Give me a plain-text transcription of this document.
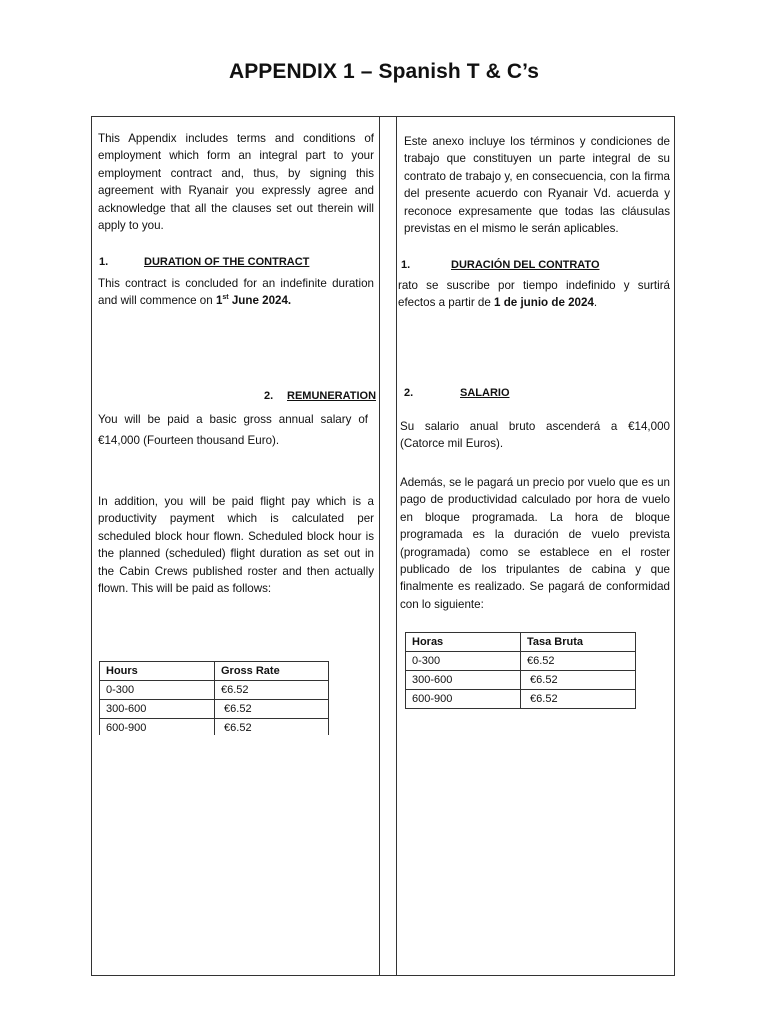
APPENDIX 1 – Spanish T & C’s
This Appendix includes terms and conditions of employment which form an integral part to your employment contract and, thus, by signing this agreement with Ryanair you expressly agree and acknowledge that all the clauses set out therein will apply to you.
1.	DURATION OF THE CONTRACT
This contract is concluded for an indefinite duration and will commence on 1st June 2024.
2. REMUNERATION
You will be paid a basic gross annual salary of €14,000 (Fourteen thousand Euro).
In addition, you will be paid flight pay which is a productivity payment which is calculated per scheduled block hour flown. Scheduled block hour is the planned (scheduled) flight duration as set out in the Cabin Crews published roster and then actually flown. This will be paid as follows:
Hours	Gross Rate
0-300	€6.52
300-600	€6.52
600-900	€6.52
Este anexo incluye los términos y condiciones de trabajo que constituyen un parte integral de su contrato de trabajo y, en consecuencia, con la firma del presente acuerdo con Ryanair Vd. acuerda y reconoce expresamente que todas las cláusulas previstas en el mismo le serán aplicables.
1.	DURACIÓN DEL CONTRATO
rato se suscribe por tiempo indefinido y surtirá efectos a partir de 1 de junio de 2024.
2.	SALARIO
Su salario anual bruto ascenderá a €14,000 (Catorce mil Euros).
Además, se le pagará un precio por vuelo que es un pago de productividad calculado por hora de vuelo en bloque programada. La hora de bloque programada es la duración de vuelo prevista (programada) como se establece en el roster publicado de los tripulantes de cabina y que finalmente es realizado. Se pagará de conformidad con lo siguiente:
Horas	Tasa Bruta
0-300	€6.52
300-600	€6.52
600-900	€6.52
